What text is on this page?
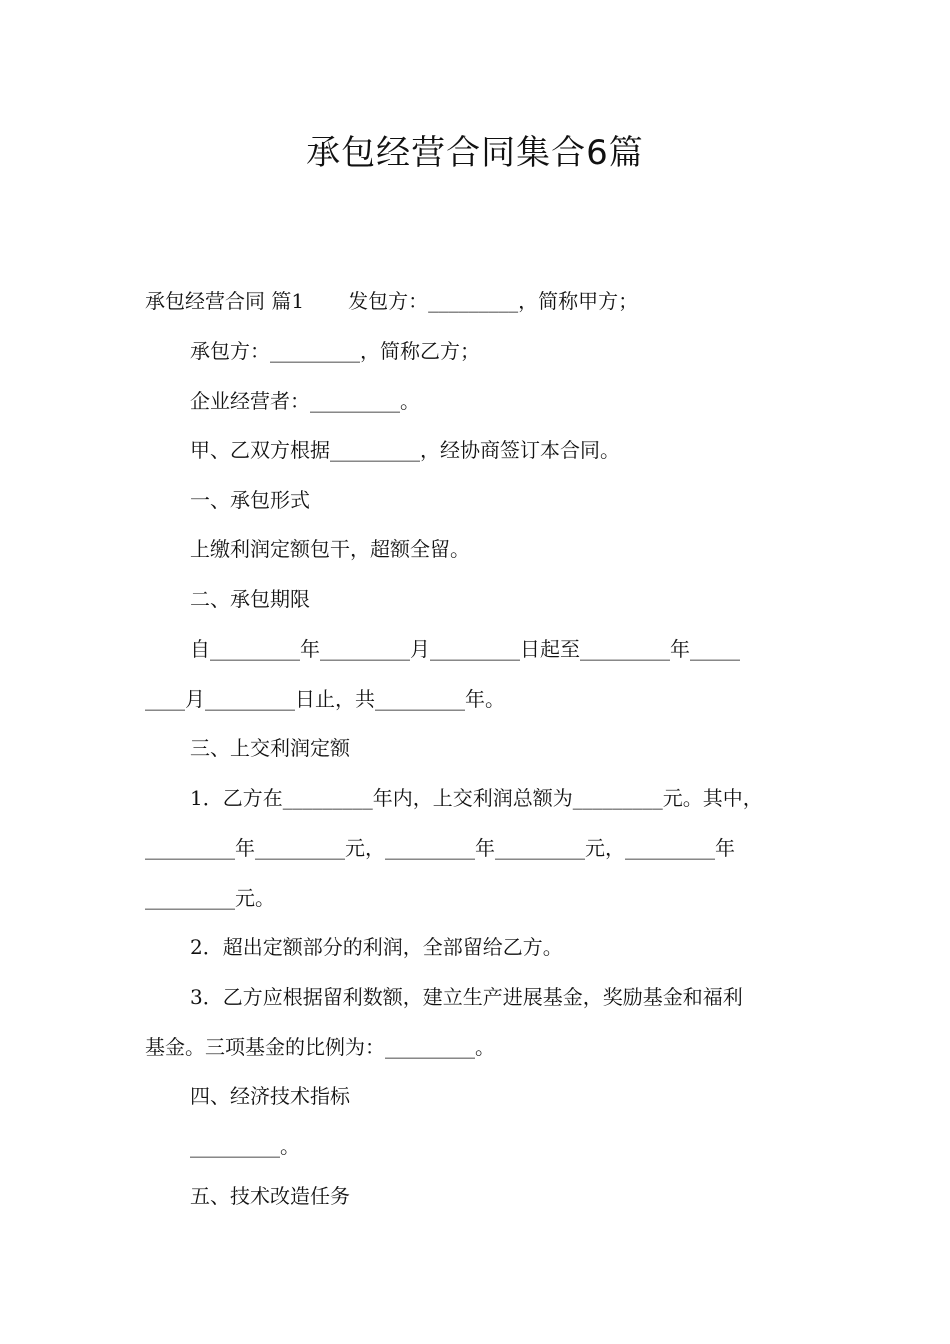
承包经营合同集合6篇

承包经营合同 篇1 发包方：_________，简称甲方；

承包方：_________，简称乙方；

企业经营者：_________。

甲、乙双方根据_________，经协商签订本合同。

一、承包形式

上缴利润定额包干，超额全留。

二、承包期限

自_________年_________月_________日起至_________年_____

____月_________日止，共_________年。

三、上交利润定额

1．乙方在_________年内，上交利润总额为_________元。其中，

_________年_________元，_________年_________元，_________年

_________元。

2．超出定额部分的利润，全部留给乙方。

3．乙方应根据留利数额，建立生产进展基金，奖励基金和福利

基金。三项基金的比例为：_________。

四、经济技术指标

_________。

五、技术改造任务
